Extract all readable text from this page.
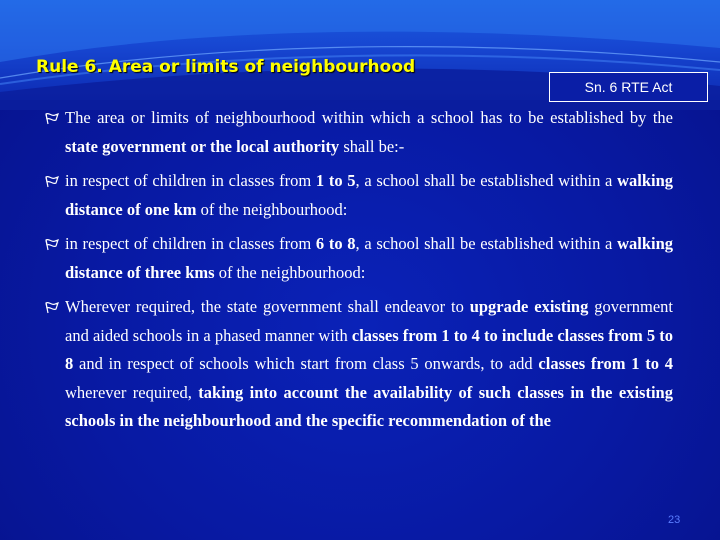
Rule 6. Area or limits of neighbourhood
Sn. 6 RTE Act
The area or limits of neighbourhood within which a school has to be established by the state government or the local authority shall be:-
in respect of children in classes from 1 to 5, a school shall be established within a walking distance of one km of the neighbourhood:
in respect of children in classes from 6 to 8, a school shall be established within a walking distance of three kms of the neighbourhood:
Wherever required, the state government shall endeavor to upgrade existing government and aided schools in a phased manner with classes from 1 to 4 to include classes from 5 to 8 and in respect of schools which start from class 5 onwards, to add classes from 1 to 4 wherever required, taking into account the availability of such classes in the existing schools in the neighbourhood and the specific recommendation of the
23
